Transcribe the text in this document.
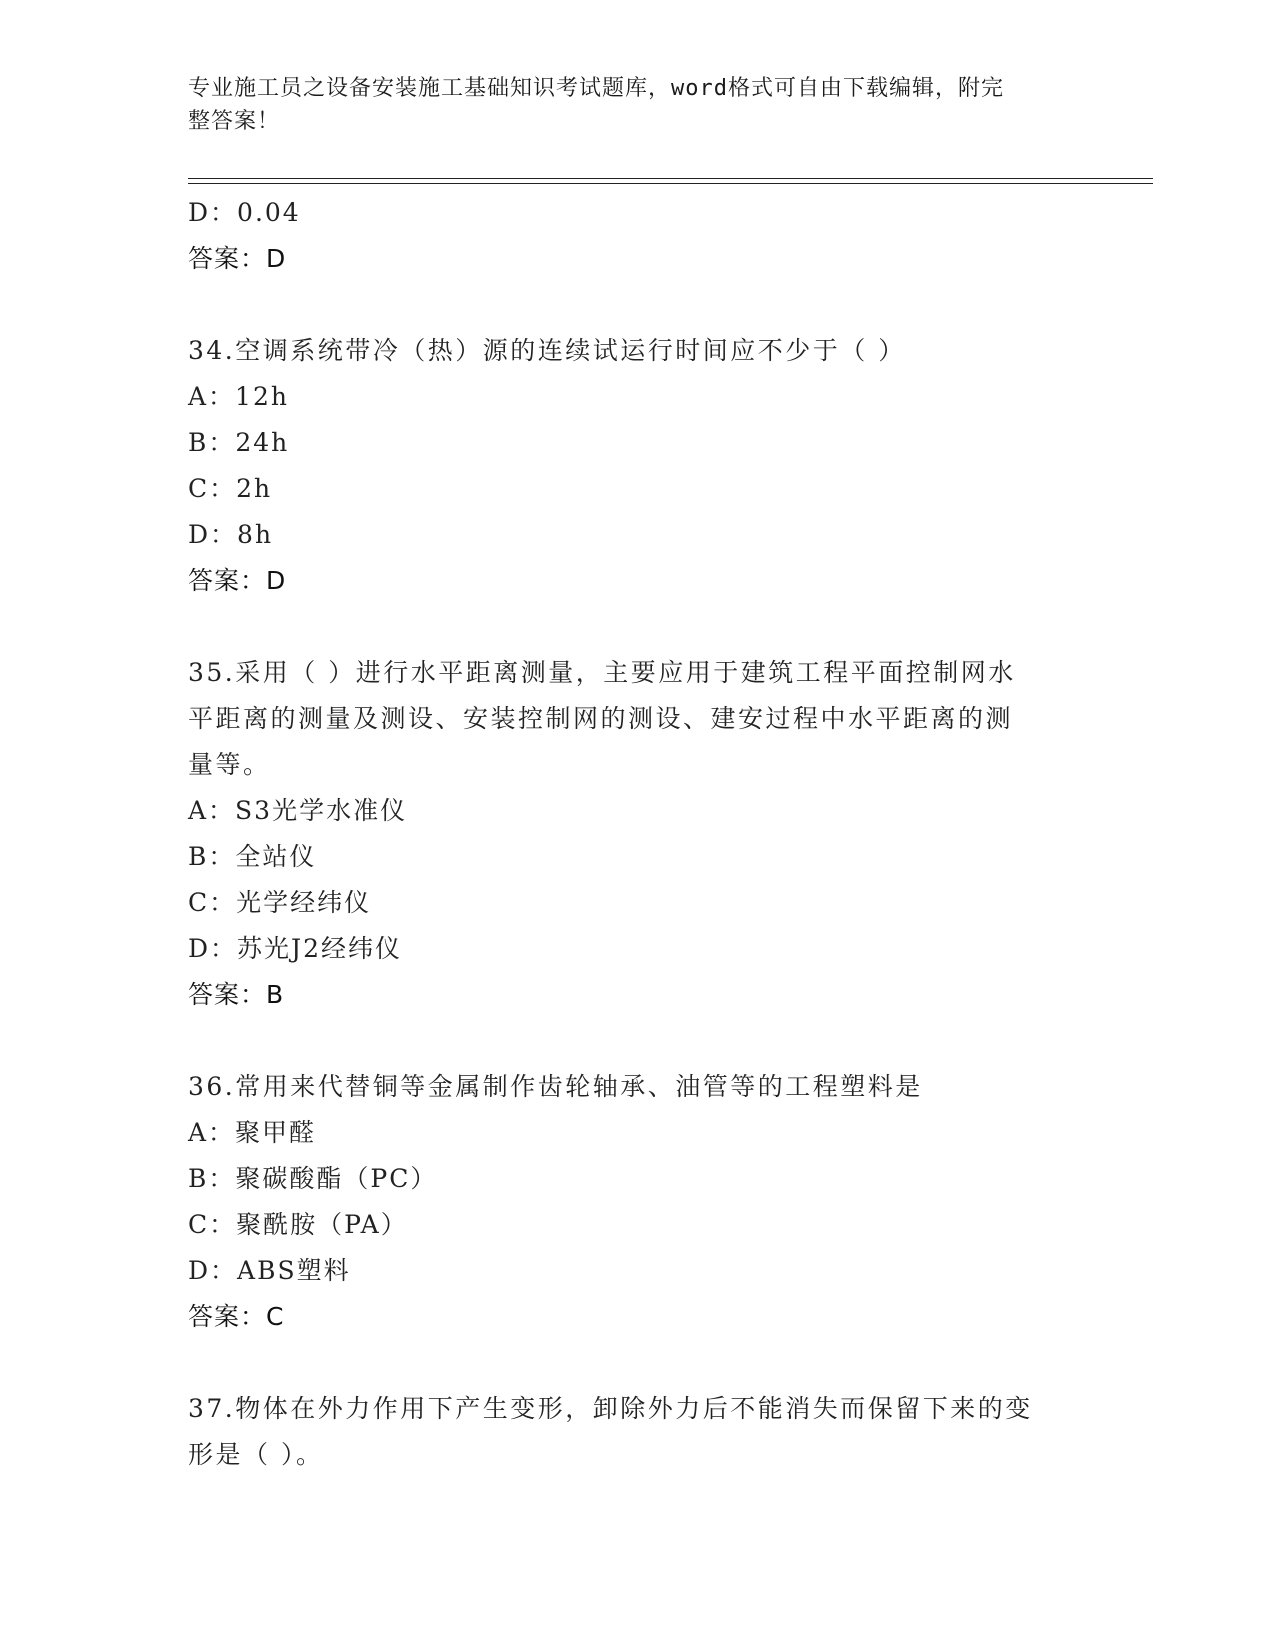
专业施工员之设备安装施工基础知识考试题库，word格式可自由下载编辑，附完
整答案！
D：0.04
答案：D
34.空调系统带冷（热）源的连续试运行时间应不少于（ ）
A：12h
B：24h
C：2h
D：8h
答案：D
35.采用（ ）进行水平距离测量，主要应用于建筑工程平面控制网水
平距离的测量及测设、安装控制网的测设、建安过程中水平距离的测
量等。
A：S3光学水准仪
B：全站仪
C：光学经纬仪
D：苏光J2经纬仪
答案：B
36.常用来代替铜等金属制作齿轮轴承、油管等的工程塑料是
A：聚甲醛
B：聚碳酸酯（PC）
C：聚酰胺（PA）
D：ABS塑料
答案：C
37.物体在外力作用下产生变形，卸除外力后不能消失而保留下来的变
形是（ ）。
